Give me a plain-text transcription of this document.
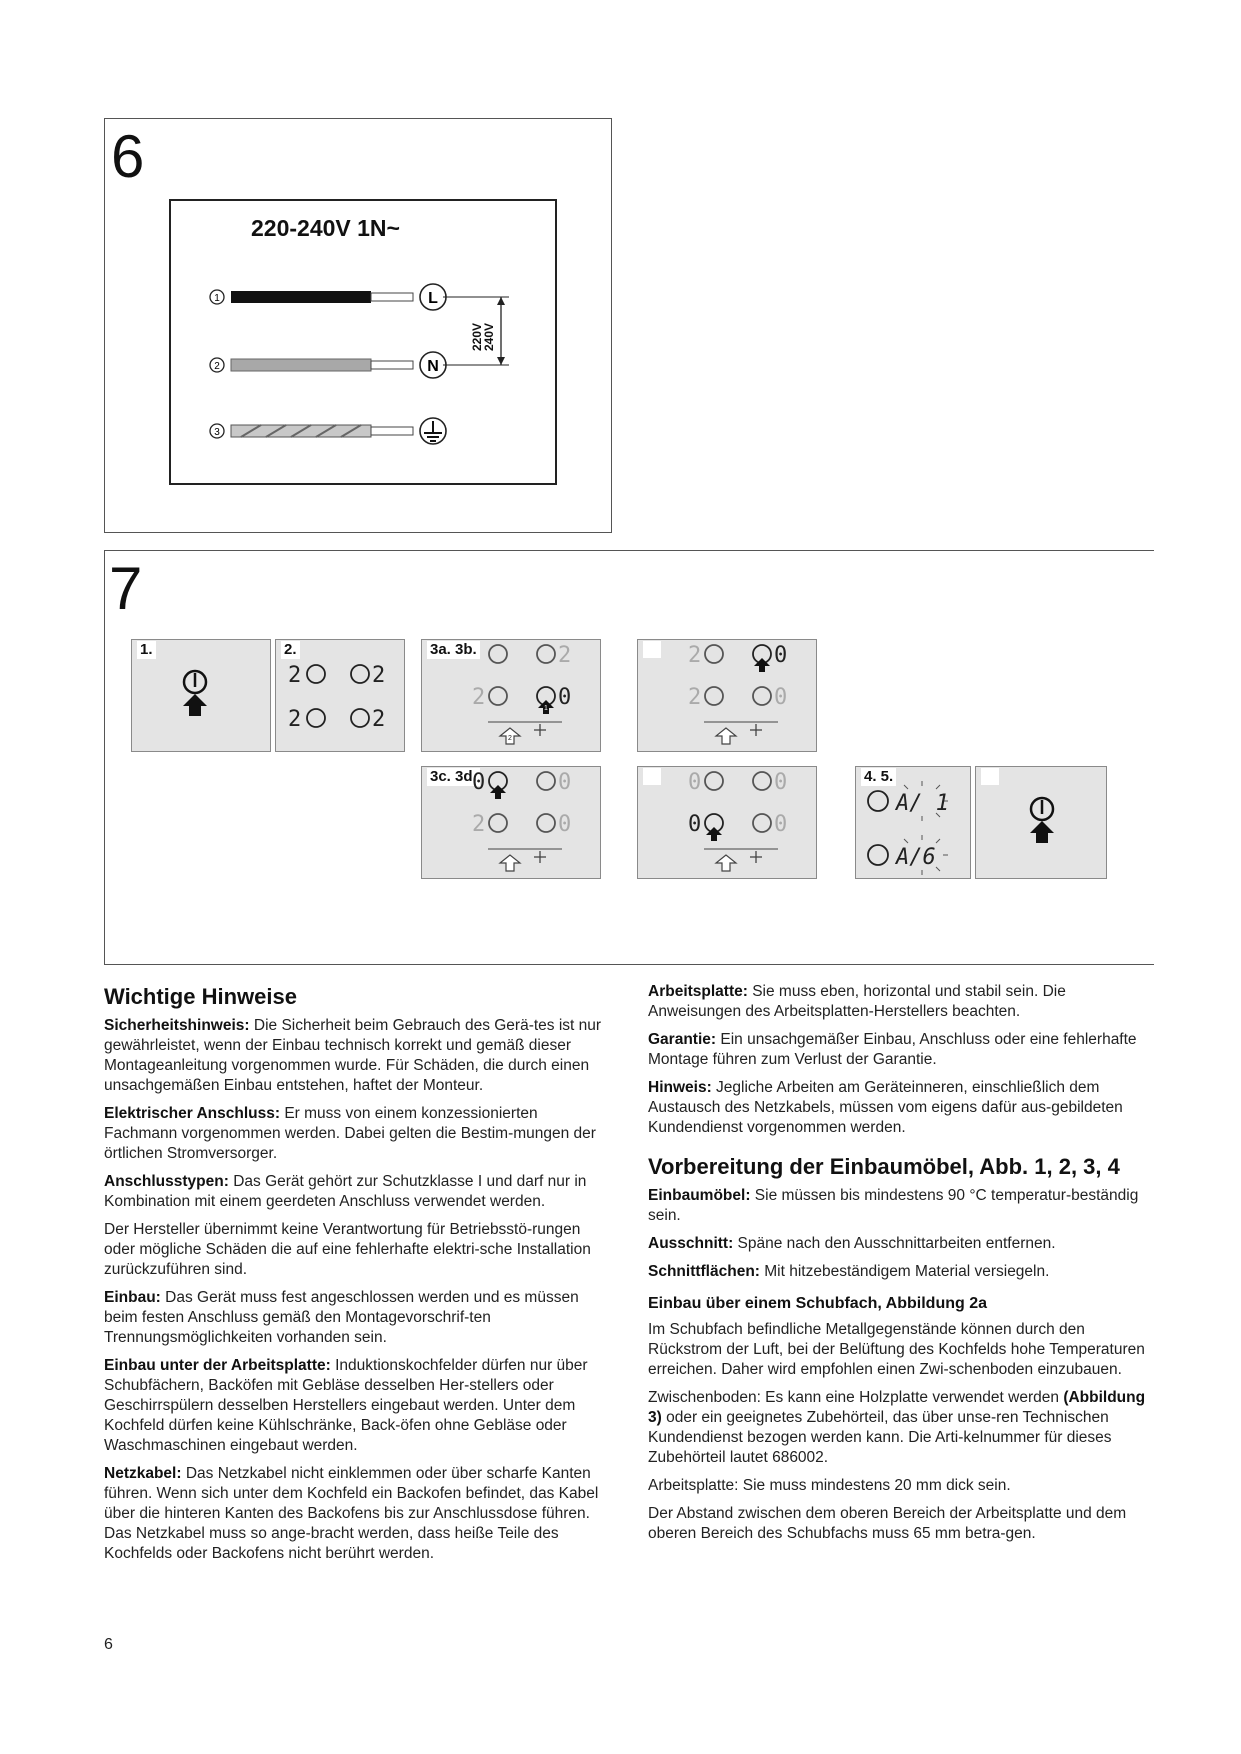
6
220-240V 1N~
1	L
2	N
3
220V
240V
7
1.	2.
2	2
2	2
3a. 3b.	2
2	0
1
2
2	0
2	0
3c. 3d.
0	0
2	0
0	0
0	0
4. 5.
A/ 1
A/6
Wichtige Hinweise

Sicherheitshinweis: Die Sicherheit beim Gebrauch des Gerä-tes ist nur gewährleistet, wenn der Einbau technisch korrekt und gemäß dieser Montageanleitung vorgenommen wurde. Für Schäden, die durch einen unsachgemäßen Einbau entstehen, haftet der Monteur.

Elektrischer Anschluss: Er muss von einem konzessionierten Fachmann vorgenommen werden. Dabei gelten die Bestim-mungen der örtlichen Stromversorger.

Anschlusstypen: Das Gerät gehört zur Schutzklasse I und darf nur in Kombination mit einem geerdeten Anschluss verwendet werden.

Der Hersteller übernimmt keine Verantwortung für Betriebsstö-rungen oder mögliche Schäden die auf eine fehlerhafte elektri-sche Installation zurückzuführen sind.

Einbau: Das Gerät muss fest angeschlossen werden und es müssen beim festen Anschluss gemäß den Montagevorschrif-ten Trennungsmöglichkeiten vorhanden sein.

Einbau unter der Arbeitsplatte: Induktionskochfelder dürfen nur über Schubfächern, Backöfen mit Gebläse desselben Her-stellers oder Geschirrspülern desselben Herstellers eingebaut werden. Unter dem Kochfeld dürfen keine Kühlschränke, Back-öfen ohne Gebläse oder Waschmaschinen eingebaut werden.

Netzkabel: Das Netzkabel nicht einklemmen oder über scharfe Kanten führen. Wenn sich unter dem Kochfeld ein Backofen befindet, das Kabel über die hinteren Kanten des Backofens bis zur Anschlussdose führen. Das Netzkabel muss so ange-bracht werden, dass heiße Teile des Kochfelds oder Backofens nicht berührt werden.

Arbeitsplatte: Sie muss eben, horizontal und stabil sein. Die Anweisungen des Arbeitsplatten-Herstellers beachten.

Garantie: Ein unsachgemäßer Einbau, Anschluss oder eine fehlerhafte Montage führen zum Verlust der Garantie.

Hinweis: Jegliche Arbeiten am Geräteinneren, einschließlich dem Austausch des Netzkabels, müssen vom eigens dafür aus-gebildeten Kundendienst vorgenommen werden.

Vorbereitung der Einbaumöbel, Abb. 1, 2, 3, 4

Einbaumöbel: Sie müssen bis mindestens 90 °C temperatur-beständig sein.

Ausschnitt: Späne nach den Ausschnittarbeiten entfernen.

Schnittflächen: Mit hitzebeständigem Material versiegeln.

Einbau über einem Schubfach, Abbildung 2a

Im Schubfach befindliche Metallgegenstände können durch den Rückstrom der Luft, bei der Belüftung des Kochfelds hohe Temperaturen erreichen. Daher wird empfohlen einen Zwi-schenboden einzubauen.

Zwischenboden: Es kann eine Holzplatte verwendet werden (Abbildung 3) oder ein geeignetes Zubehörteil, das über unse-ren Technischen Kundendienst bezogen werden kann. Die Arti-kelnummer für dieses Zubehörteil lautet 686002.

Arbeitsplatte: Sie muss mindestens 20 mm dick sein.

Der Abstand zwischen dem oberen Bereich der Arbeitsplatte und dem oberen Bereich des Schubfachs muss 65 mm betra-gen.

6
